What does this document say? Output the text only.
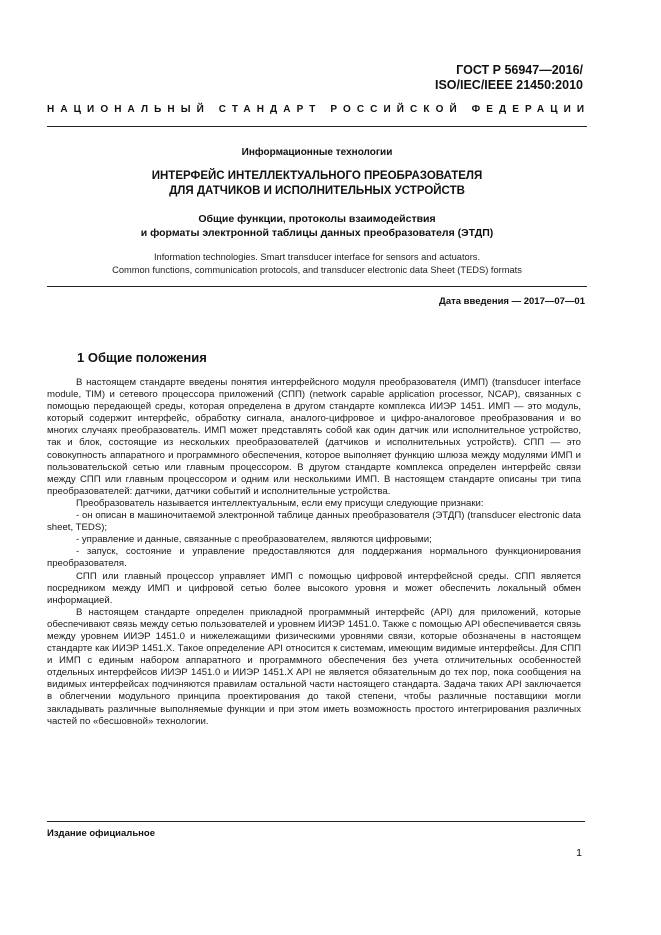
ГОСТ Р 56947—2016/
ISO/IEC/IEEE 21450:2010
НАЦИОНАЛЬНЫЙ СТАНДАРТ РОССИЙСКОЙ ФЕДЕРАЦИИ
Информационные технологии
ИНТЕРФЕЙС ИНТЕЛЛЕКТУАЛЬНОГО ПРЕОБРАЗОВАТЕЛЯ
ДЛЯ ДАТЧИКОВ И ИСПОЛНИТЕЛЬНЫХ УСТРОЙСТВ
Общие функции, протоколы взаимодействия
и форматы электронной таблицы данных преобразователя (ЭТДП)
Information technologies. Smart transducer interface for sensors and actuators.
Common functions, communication protocols, and transducer electronic data Sheet (TEDS) formats
Дата введения — 2017—07—01
1 Общие положения

В настоящем стандарте введены понятия интерфейсного модуля преобразователя (ИМП) (transducer interface module, TIM) и сетевого процессора приложений (СПП) (network capable application processor, NCAP), связанных с помощью передающей среды, которая определена в другом стандарте комплекса ИИЭР 1451. ИМП — это модуль, который содержит интерфейс, обработку сигнала, аналого-цифровое и цифро-аналоговое преобразования и во многих случаях преобразователь. ИМП может представлять собой как один датчик или исполнительное устройство, так и блок, состоящие из нескольких преобразователей (датчиков и исполнительных устройств). СПП — это совокупность аппаратного и программного обеспечения, которое выполняет функцию шлюза между модулями ИМП и пользовательской сетью или главным процессором. В другом стандарте комплекса определен интерфейс связи между СПП или главным процессором и одним или несколькими ИМП. В настоящем стандарте описаны три типа преобразователей: датчики, датчики событий и исполнительные устройства.

Преобразователь называется интеллектуальным, если ему присущи следующие признаки:

- он описан в машиночитаемой электронной таблице данных преобразователя (ЭТДП) (transducer electronic data sheet, TEDS);

- управление и данные, связанные с преобразователем, являются цифровыми;

- запуск, состояние и управление предоставляются для поддержания нормального функционирования преобразователя.

СПП или главный процессор управляет ИМП с помощью цифровой интерфейсной среды. СПП является посредником между ИМП и цифровой сетью более высокого уровня и может обеспечить локальный обмен информацией.

В настоящем стандарте определен прикладной программный интерфейс (API) для приложений, которые обеспечивают связь между сетью пользователей и уровнем ИИЭР 1451.0. Также с помощью API обеспечивается связь между уровнем ИИЭР 1451.0 и нижележащими физическими уровнями связи, которые обозначены в настоящем стандарте как ИИЭР 1451.X. Такое определение API относится к системам, имеющим видимые интерфейсы. Для СПП и ИМП с единым набором аппаратного и программного обеспечения без учета отличительных особенностей отдельных интерфейсов ИИЭР 1451.0 и ИИЭР 1451.X API не является обязательным до тех пор, пока сообщения на видимых интерфейсах подчиняются правилам остальной части настоящего стандарта. Задача таких API заключается в облегчении модульного принципа проектирования до такой степени, чтобы различные поставщики могли закладывать различные выполняемые функции и при этом иметь возможность простого интегрирования различных частей по «бесшовной» технологии.

Издание официальное
1
